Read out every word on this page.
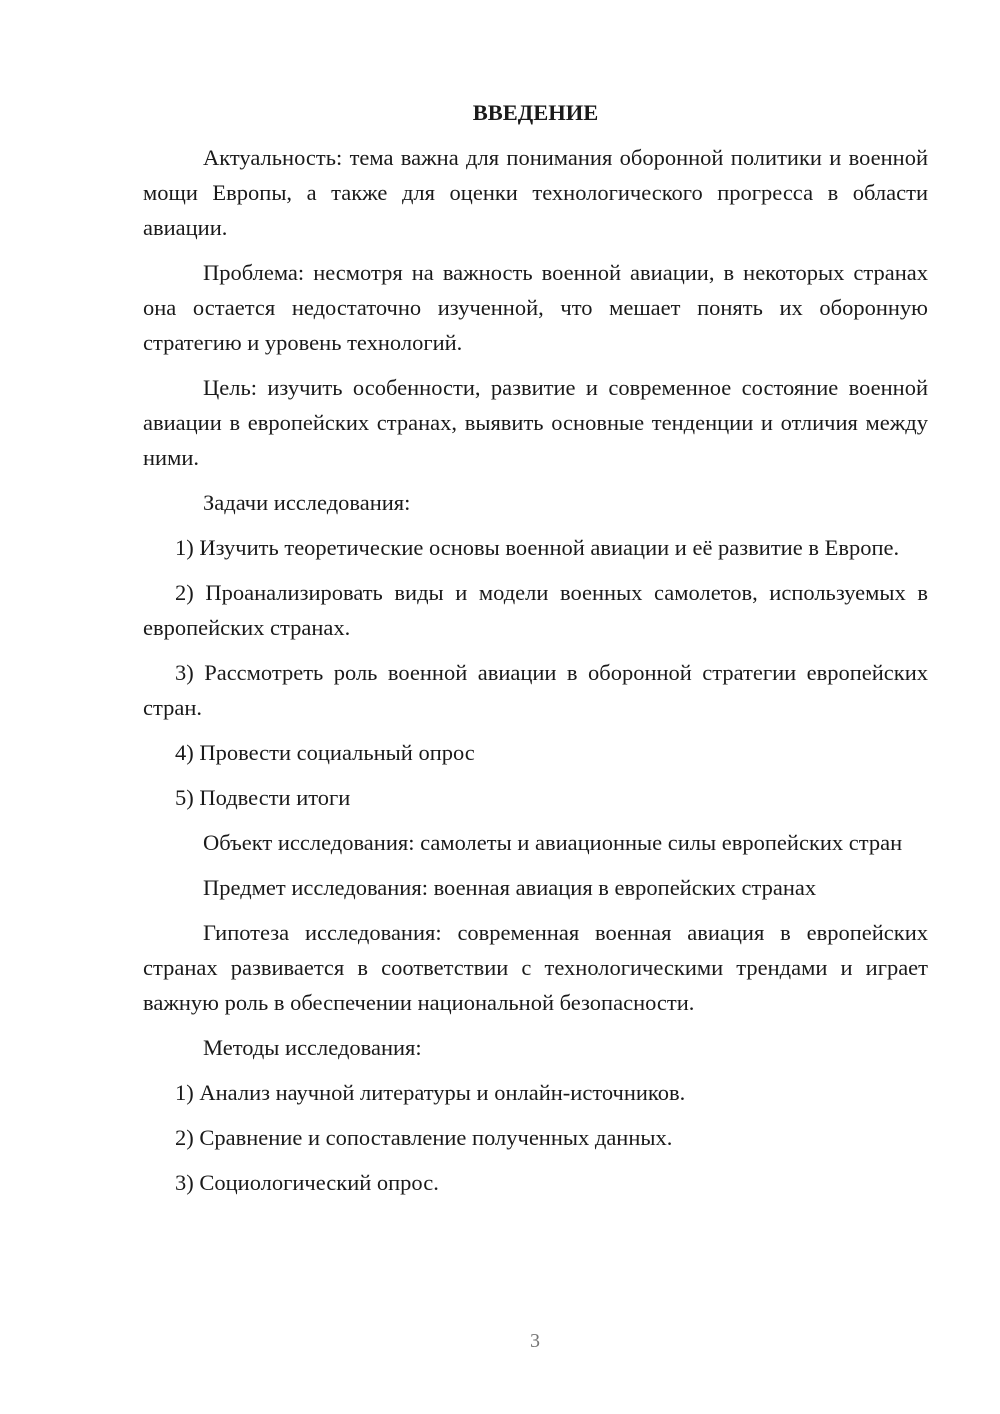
ВВЕДЕНИЕ

Актуальность: тема важна для понимания оборонной политики и военной мощи Европы, а также для оценки технологического прогресса в области авиации.

Проблема: несмотря на важность военной авиации, в некоторых странах она остается недостаточно изученной, что мешает понять их оборонную стратегию и уровень технологий.

Цель: изучить особенности, развитие и современное состояние военной авиации в европейских странах, выявить основные тенденции и отличия между ними.

Задачи исследования:

1) Изучить теоретические основы военной авиации и её развитие в Европе.

2) Проанализировать виды и модели военных самолетов, используемых в европейских странах.

3) Рассмотреть роль военной авиации в оборонной стратегии европейских стран.

4) Провести социальный опрос

5) Подвести итоги

Объект исследования: самолеты и авиационные силы европейских стран

Предмет исследования: военная авиация в европейских странах

Гипотеза исследования: современная военная авиация в европейских странах развивается в соответствии с технологическими трендами и играет важную роль в обеспечении национальной безопасности.

Методы исследования:

1) Анализ научной литературы и онлайн-источников.

2) Сравнение и сопоставление полученных данных.

3) Социологический опрос.

3
